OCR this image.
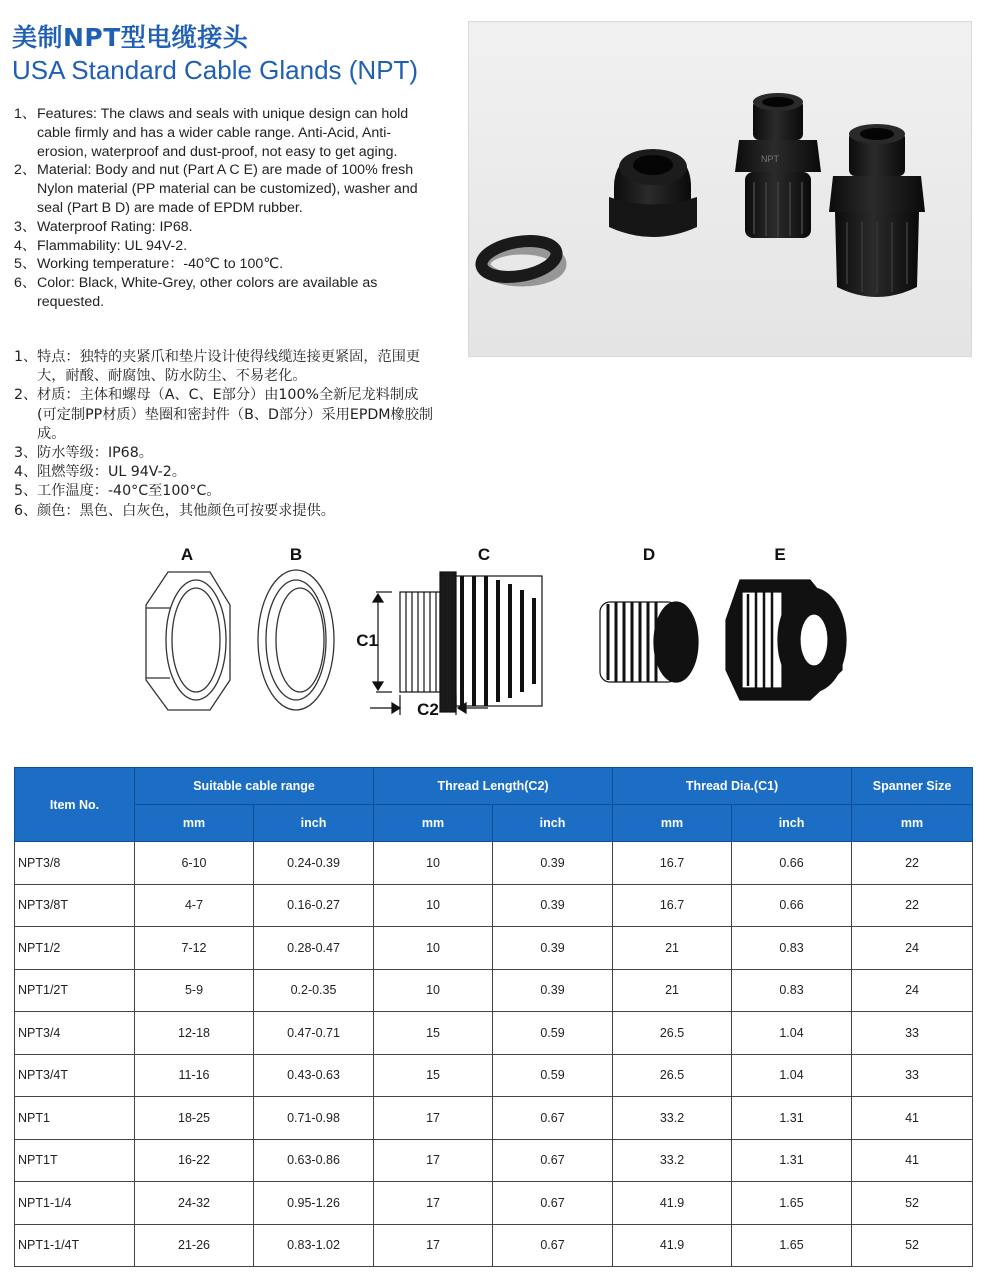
美制NPT型电缆接头
USA Standard Cable Glands (NPT)
1、 Features: The claws and seals with unique design can hold cable firmly and has a wider cable range. Anti-Acid, Anti-erosion, waterproof and dust-proof, not easy to get aging.
2、 Material: Body and nut (Part A C E) are made of 100% fresh Nylon material (PP material can be customized), washer and seal (Part B D) are made of EPDM rubber.
3、 Waterproof Rating: IP68.
4、 Flammability: UL 94V-2.
5、 Working temperature：-40℃ to 100℃.
6、 Color: Black, White-Grey, other colors are available as requested.
1、 特点：独特的夹紧爪和垫片设计使得线缆连接更紧固，范围更大，耐酸、耐腐蚀、防水防尘、不易老化。
2、 材质：主体和螺母（A、C、E部分）由100%全新尼龙料制成(可定制PP材质）垫圈和密封件（B、D部分）采用EPDM橡胶制成。
3、 防水等级：IP68。
4、 阻燃等级：UL 94V-2。
5、 工作温度：-40°C至100°C。
6、 颜色：黑色、白灰色，其他颜色可按要求提供。
NPT
A	B	C	D	E
C1
C2
Item No.	Suitable cable range		Thread Length(C2)		Thread Dia.(C1)		Spanner Size
	mm	inch	mm	inch	mm	inch	mm
NPT3/8	6-10	0.24-0.39	10	0.39	16.7	0.66	22
NPT3/8T	4-7	0.16-0.27	10	0.39	16.7	0.66	22
NPT1/2	7-12	0.28-0.47	10	0.39	21	0.83	24
NPT1/2T	5-9	0.2-0.35	10	0.39	21	0.83	24
NPT3/4	12-18	0.47-0.71	15	0.59	26.5	1.04	33
NPT3/4T	11-16	0.43-0.63	15	0.59	26.5	1.04	33
NPT1	18-25	0.71-0.98	17	0.67	33.2	1.31	41
NPT1T	16-22	0.63-0.86	17	0.67	33.2	1.31	41
NPT1-1/4	24-32	0.95-1.26	17	0.67	41.9	1.65	52
NPT1-1/4T	21-26	0.83-1.02	17	0.67	41.9	1.65	52
